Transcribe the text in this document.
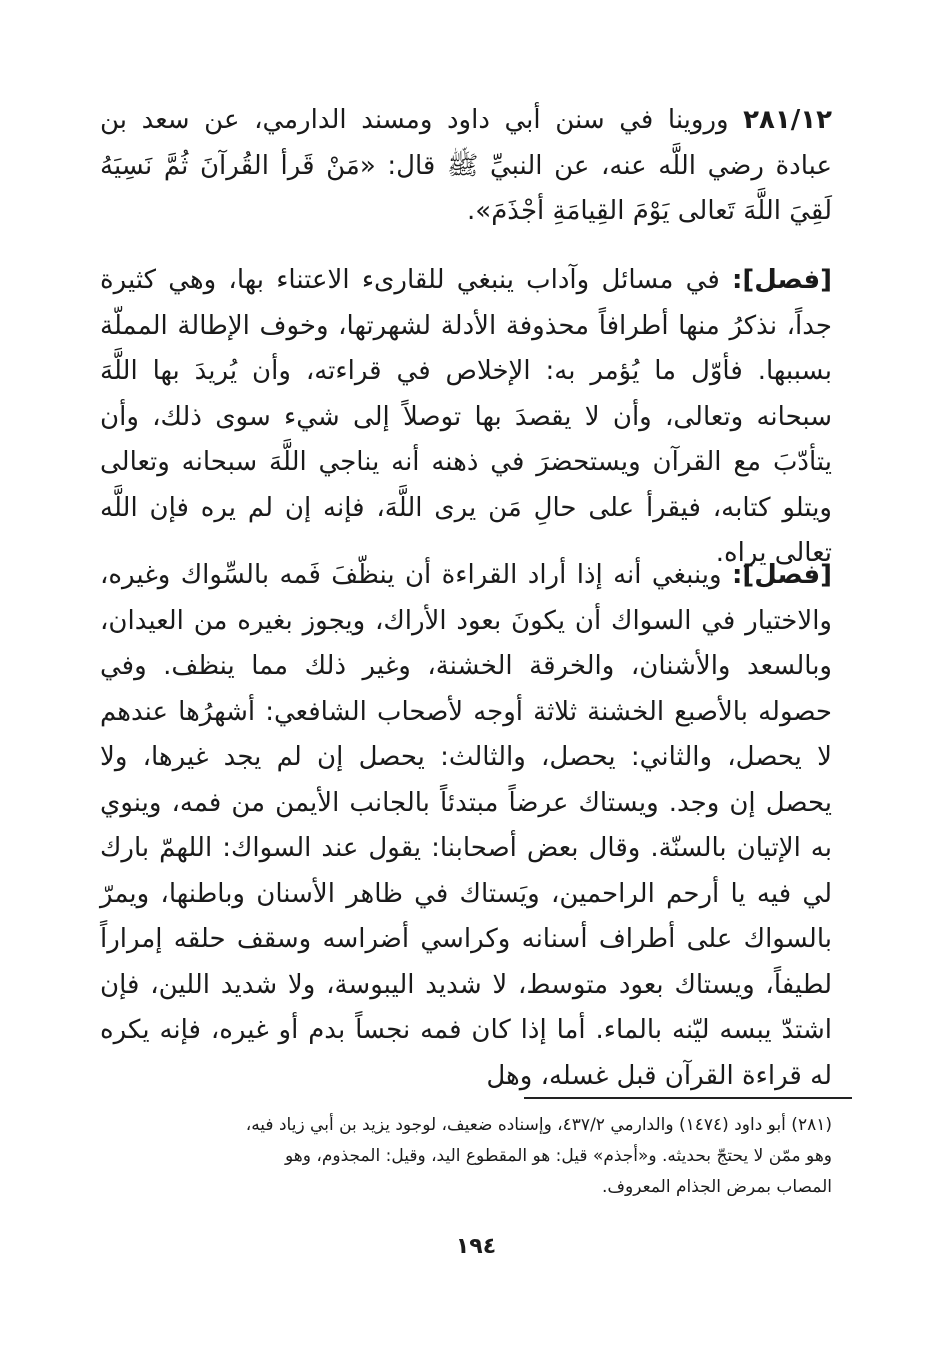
٢٨١/١٢ وروينا في سنن أبي داود ومسند الدارمي، عن سعد بن عبادة رضي اللَّه عنه، عن النبيِّ ﷺ قال: «مَنْ قَرأ القُرآنَ ثُمَّ نَسِيَهُ لَقِيَ اللَّهَ تَعالى يَوْمَ القِيامَةِ أجْذَمَ».

[فصل]: في مسائل وآداب ينبغي للقارىء الاعتناء بها، وهي كثيرة جداً، نذكرُ منها أطرافاً محذوفة الأدلة لشهرتها، وخوف الإطالة المملّة بسببها. فأوّل ما يُؤمر به: الإخلاص في قراءته، وأن يُريدَ بها اللَّهَ سبحانه وتعالى، وأن لا يقصدَ بها توصلاً إلى شيء سوى ذلك، وأن يتأدّبَ مع القرآن ويستحضرَ في ذهنه أنه يناجي اللَّهَ سبحانه وتعالى ويتلو كتابه، فيقرأ على حالِ مَن يرى اللَّهَ، فإنه إن لم يره فإن اللَّه تعالى يراه.

[فصل]: وينبغي أنه إذا أراد القراءة أن ينظّفَ فَمه بالسِّواك وغيره، والاختيار في السواك أن يكونَ بعود الأراك، ويجوز بغيره من العيدان، وبالسعد والأشنان، والخرقة الخشنة، وغير ذلك مما ينظف. وفي حصوله بالأصبع الخشنة ثلاثة أوجه لأصحاب الشافعي: أشهرُها عندهم لا يحصل، والثاني: يحصل، والثالث: يحصل إن لم يجد غيرها، ولا يحصل إن وجد. ويستاك عرضاً مبتدئاً بالجانب الأيمن من فمه، وينوي به الإتيان بالسنّة. وقال بعض أصحابنا: يقول عند السواك: اللهمّ بارك لي فيه يا أرحم الراحمين، ويَستاك في ظاهر الأسنان وباطنها، ويمرّ بالسواك على أطراف أسنانه وكراسي أضراسه وسقف حلقه إمراراً لطيفاً، ويستاك بعود متوسط، لا شديد اليبوسة، ولا شديد اللين، فإن اشتدّ يبسه ليّنه بالماء. أما إذا كان فمه نجساً بدم أو غيره، فإنه يكره له قراءة القرآن قبل غسله، وهل

(٢٨١) أبو داود (١٤٧٤) والدارمي ٤٣٧/٢، وإسناده ضعيف، لوجود يزيد بن أبي زياد فيه،

وهو ممّن لا يحتجّ بحديثه. و«أجذم» قيل: هو المقطوع اليد، وقيل: المجذوم، وهو

المصاب بمرض الجذام المعروف.

١٩٤
